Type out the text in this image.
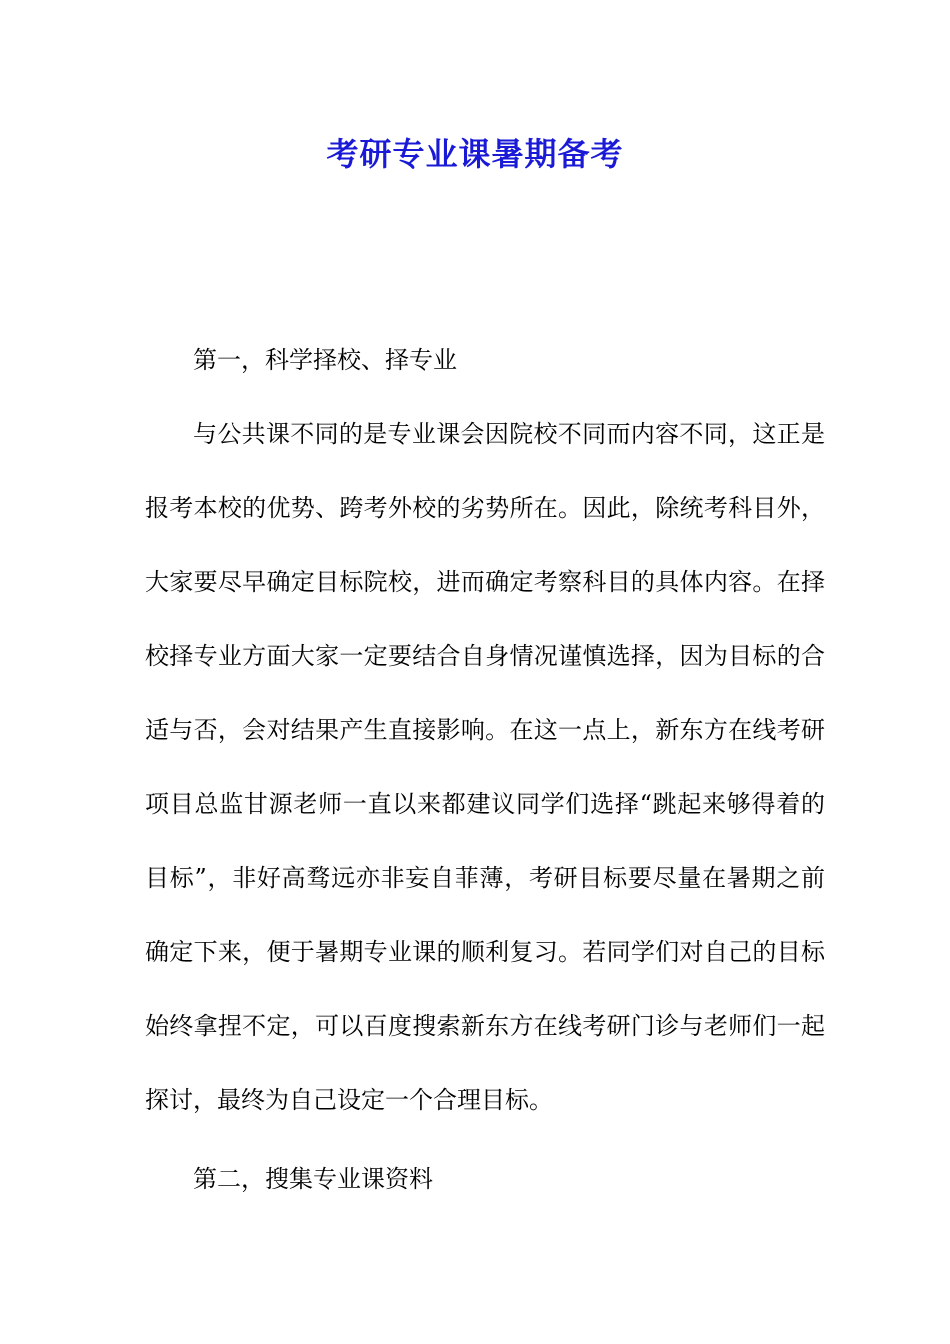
考研专业课暑期备考

第一，科学择校、择专业

与公共课不同的是专业课会因院校不同而内容不同，这正是报考本校的优势、跨考外校的劣势所在。因此，除统考科目外，大家要尽早确定目标院校，进而确定考察科目的具体内容。在择校择专业方面大家一定要结合自身情况谨慎选择，因为目标的合适与否，会对结果产生直接影响。在这一点上，新东方在线考研项目总监甘源老师一直以来都建议同学们选择“跳起来够得着的目标”，非好高骛远亦非妄自菲薄，考研目标要尽量在暑期之前确定下来，便于暑期专业课的顺利复习。若同学们对自己的目标始终拿捏不定，可以百度搜索新东方在线考研门诊与老师们一起探讨，最终为自己设定一个合理目标。

第二，搜集专业课资料
